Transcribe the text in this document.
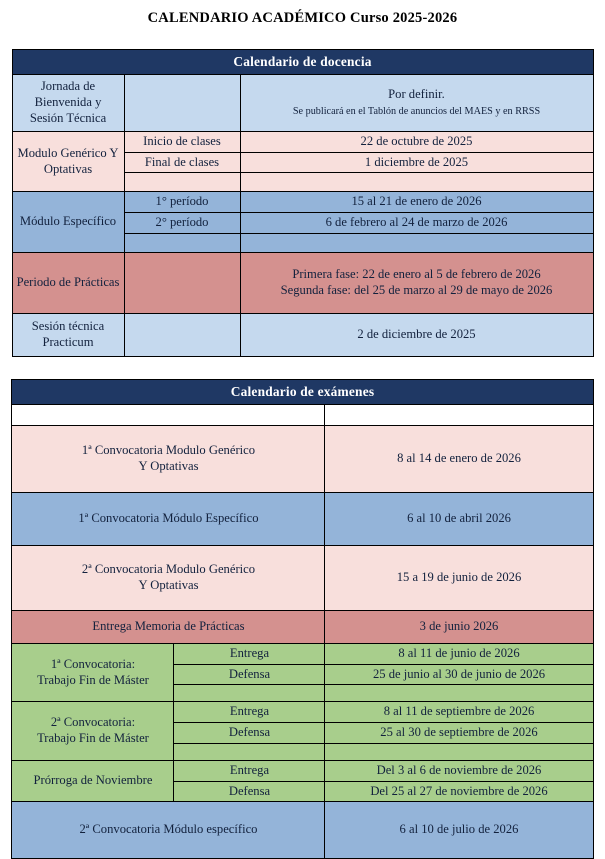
CALENDARIO ACADÉMICO Curso 2025-2026
Calendario de docencia		
Jornada de Bienvenida y Sesión Técnica		Por definir.
Se publicará en el Tablón de anuncios del MAES y en RRSS

Modulo Genérico Y Optativas	Inicio de clases	22 de octubre de 2025
	Final de clases	1 diciembre de 2025

Módulo Específico	1° período	15 al 21 de enero de 2026
	2° período	6 de febrero al 24 de marzo de 2026

Periodo de Prácticas		Primera fase: 22 de enero al 5 de febrero de 2026
Segunda fase: del 25 de marzo al 29 de mayo de 2026

Sesión técnica Practicum		2 de diciembre de 2025
Calendario de exámenes		

1ª Convocatoria Modulo Genérico
Y Optativas		8 al 14 de enero de 2026
1ª Convocatoria Módulo Específico		6 al 10 de abril 2026

2ª Convocatoria Modulo Genérico
Y Optativas		15 a 19 de junio de 2026
Entrega Memoria de Prácticas		3 de junio 2026

1ª Convocatoria:
Trabajo Fin de Máster	Entrega	8 al 11 de junio de 2026
	Defensa	25 de junio al 30 de junio de 2026

2ª Convocatoria:
Trabajo Fin de Máster	Entrega	8 al 11 de septiembre de 2026
	Defensa	25 al 30 de septiembre de 2026

Prórroga de Noviembre	Entrega	Del 3 al 6 de noviembre de 2026
	Defensa	Del 25 al 27 de noviembre de 2026
2ª Convocatoria Módulo específico		6 al 10 de julio de 2026
